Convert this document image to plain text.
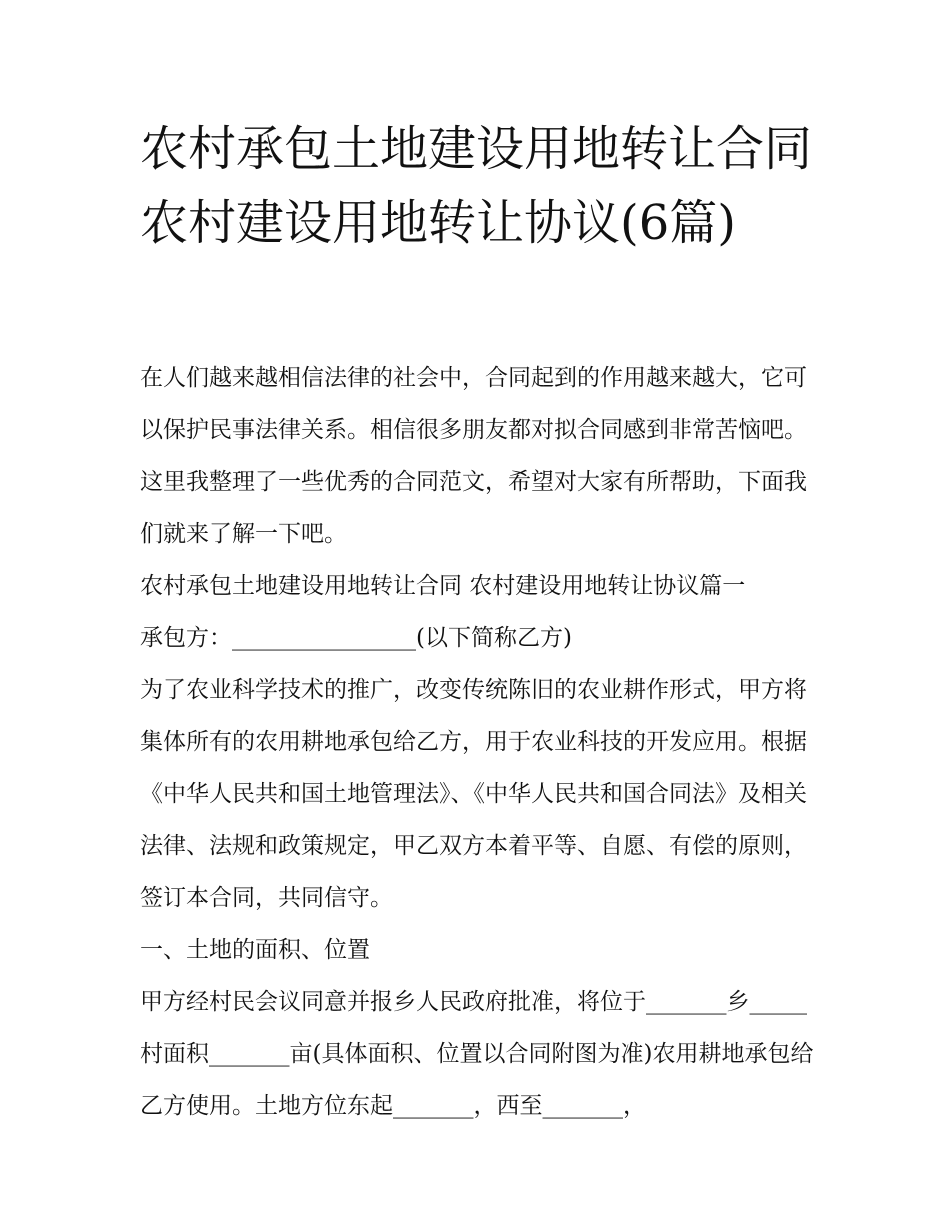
农村承包土地建设用地转让合同 农村建设用地转让协议(6篇)

在人们越来越相信法律的社会中，合同起到的作用越来越大，它可以保护民事法律关系。相信很多朋友都对拟合同感到非常苦恼吧。这里我整理了一些优秀的合同范文，希望对大家有所帮助，下面我们就来了解一下吧。

农村承包土地建设用地转让合同 农村建设用地转让协议篇一

承包方：________________(以下简称乙方)

为了农业科学技术的推广，改变传统陈旧的农业耕作形式，甲方将集体所有的农用耕地承包给乙方，用于农业科技的开发应用。根据《中华人民共和国土地管理法》、《中华人民共和国合同法》及相关法律、法规和政策规定，甲乙双方本着平等、自愿、有偿的原则，签订本合同，共同信守。

一、土地的面积、位置

甲方经村民会议同意并报乡人民政府批准，将位于_______乡_____村面积_______亩(具体面积、位置以合同附图为准)农用耕地承包给乙方使用。土地方位东起_______，西至_______，
